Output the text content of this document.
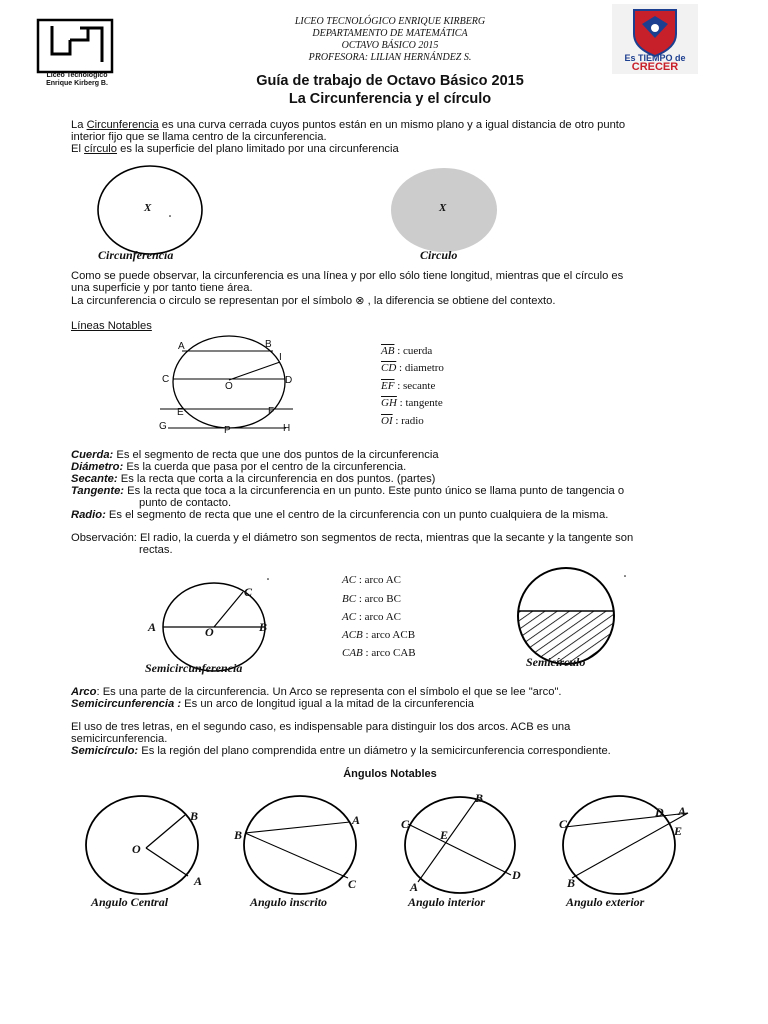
Liceo Tecnológico
Enrique Kirberg B.
LICEO TECNOLÓGICO ENRIQUE KIRBERG
DEPARTAMENTO DE MATEMÁTICA
OCTAVO BÁSICO 2015
PROFESORA: LILIAN HERNÁNDEZ S.	Es TIEMPO de
CRECER
Guía de trabajo de Octavo Básico 2015
La Circunferencia y el círculo
La Circunferencia es una curva cerrada cuyos puntos están en un mismo plano y a igual distancia de otro punto
interior fijo que se llama centro de la circunferencia.
El círculo es la superficie del plano limitado por una circunferencia
X	X
Circunferencia	Circulo
Como se puede observar, la circunferencia es una línea y por ello sólo tiene longitud, mientras que el círculo es
una superficie y por tanto tiene área.
La circunferencia o circulo se representan por el símbolo ⊗ , la diferencia se obtiene del contexto.
Líneas Notables
A	B
I
C
O
D
E	F
G	P	H
$\overline{AB}$ : cuerda
$\overline{CD}$ : diametro
$\overline{EF}$ : secante
$\overline{GH}$ : tangente
$\overline{OI}$ : radio
Cuerda: Es el segmento de recta que une dos puntos de la circunferencia
Diámetro: Es la cuerda que pasa por el centro de la circunferencia.
Secante: Es la recta que corta a la circunferencia en dos puntos. (partes)
Tangente: Es la recta que toca a la circunferencia en un punto. Este punto único se llama punto de tangencia o
punto de contacto.
Radio: Es el segmento de recta que une el centro de la circunferencia con un punto cualquiera de la misma.
Observación: El radio, la cuerda y el diámetro son segmentos de recta, mientras que la secante y la tangente son
rectas.
A	O	B
C
Semicircunferencia	Semicírculo
AC : arco AC
BC : arco BC
AC : arco AC
ACB : arco ACB
CAB : arco CAB
Arco: Es una parte de la circunferencia. Un Arco se representa con el símbolo el que se lee "arco".
Semicircunferencia : Es un arco de longitud igual a la mitad de la circunferencia
El uso de tres letras, en el segundo caso, es indispensable para distinguir los dos arcos. ACB es una
semicircunferencia.
Semicírculo: Es la región del plano comprendida entre un diámetro y la semicircunferencia correspondiente.
Ángulos Notables
O
B
A
Angulo Central
B
A
C
Angulo inscrito
B
C
E
A
D
Angulo interior
C
D A
E
B
Angulo exterior
